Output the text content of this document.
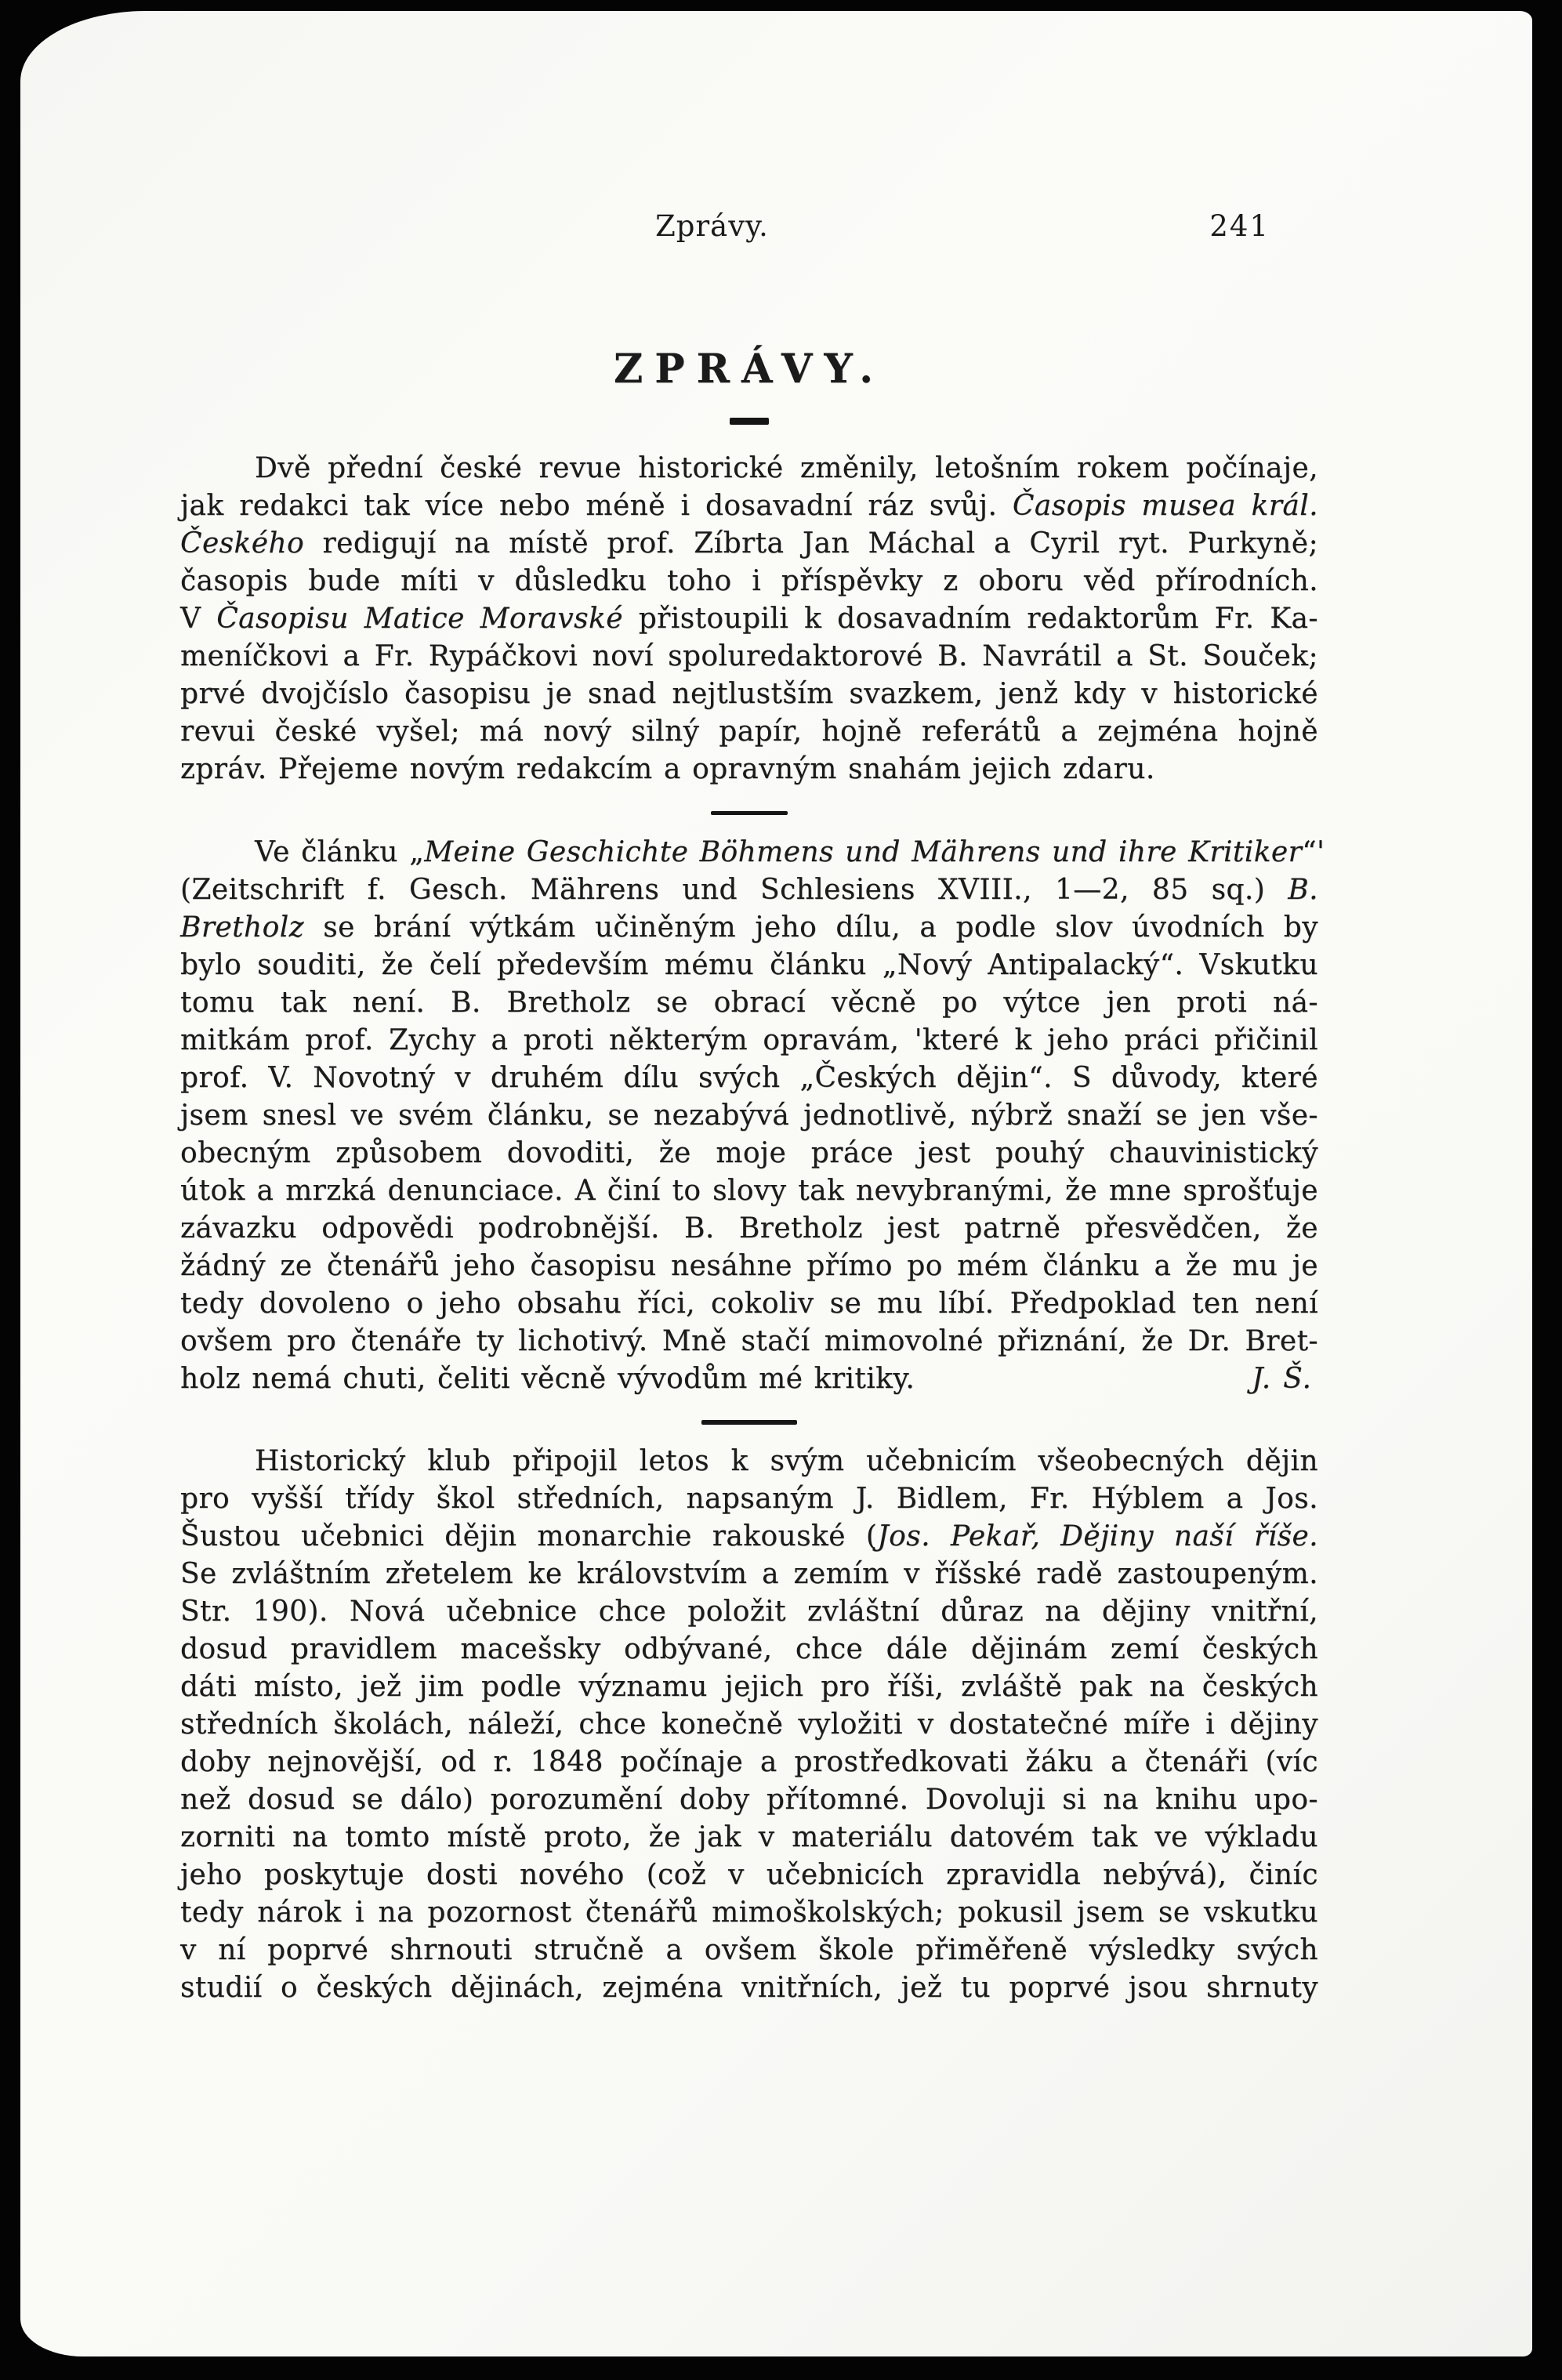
Zprávy.	241
ZPRÁVY.
Dvě přední české revue historické změnily, letošním rokem počínaje,
jak redakci tak více nebo méně i dosavadní ráz svůj. Časopis musea král.
Českého redigují na místě prof. Zíbrta Jan Máchal a Cyril ryt. Purkyně;
časopis bude míti v důsledku toho i příspěvky z oboru věd přírodních.
V Časopisu Matice Moravské přistoupili k dosavadním redaktorům Fr. Ka-
meníčkovi a Fr. Rypáčkovi noví spoluredaktorové B. Navrátil a St. Souček;
prvé dvojčíslo časopisu je snad nejtlustším svazkem, jenž kdy v historické
revui české vyšel; má nový silný papír, hojně referátů a zejména hojně
zpráv. Přejeme novým redakcím a opravným snahám jejich zdaru.
Ve článku „Meine Geschichte Böhmens und Mährens und ihre Kritiker“'
(Zeitschrift f. Gesch. Mährens und Schlesiens XVIII., 1—2, 85 sq.) B.
Bretholz se brání výtkám učiněným jeho dílu, a podle slov úvodních by
bylo souditi, že čelí především mému článku „Nový Antipalacký“. Vskutku
tomu tak není. B. Bretholz se obrací věcně po výtce jen proti ná-
mitkám prof. Zychy a proti některým opravám, 'které k jeho práci přičinil
prof. V. Novotný v druhém dílu svých „Českých dějin“. S důvody, které
jsem snesl ve svém článku, se nezabývá jednotlivě, nýbrž snaží se jen vše-
obecným způsobem dovoditi, že moje práce jest pouhý chauvinistický
útok a mrzká denunciace. A činí to slovy tak nevybranými, že mne sprošťuje
závazku odpovědi podrobnější. B. Bretholz jest patrně přesvědčen, že
žádný ze čtenářů jeho časopisu nesáhne přímo po mém článku a že mu je
tedy dovoleno o jeho obsahu říci, cokoliv se mu líbí. Předpoklad ten není
ovšem pro čtenáře ty lichotivý. Mně stačí mimovolné přiznání, že Dr. Bret-
holz nemá chuti, čeliti věcně vývodům mé kritiky.	J. Š.
Historický klub připojil letos k svým učebnicím všeobecných dějin
pro vyšší třídy škol středních, napsaným J. Bidlem, Fr. Hýblem a Jos.
Šustou učebnici dějin monarchie rakouské (Jos. Pekař, Dějiny naší říše.
Se zvláštním zřetelem ke královstvím a zemím v říšské radě zastoupeným.
Str. 190). Nová učebnice chce položit zvláštní důraz na dějiny vnitřní,
dosud pravidlem macešsky odbývané, chce dále dějinám zemí českých
dáti místo, jež jim podle významu jejich pro říši, zvláště pak na českých
středních školách, náleží, chce konečně vyložiti v dostatečné míře i dějiny
doby nejnovější, od r. 1848 počínaje a prostředkovati žáku a čtenáři (víc
než dosud se dálo) porozumění doby přítomné. Dovoluji si na knihu upo-
zorniti na tomto místě proto, že jak v materiálu datovém tak ve výkladu
jeho poskytuje dosti nového (což v učebnicích zpravidla nebývá), činíc
tedy nárok i na pozornost čtenářů mimoškolských; pokusil jsem se vskutku
v ní poprvé shrnouti stručně a ovšem škole přiměřeně výsledky svých
studií o českých dějinách, zejména vnitřních, jež tu poprvé jsou shrnuty
